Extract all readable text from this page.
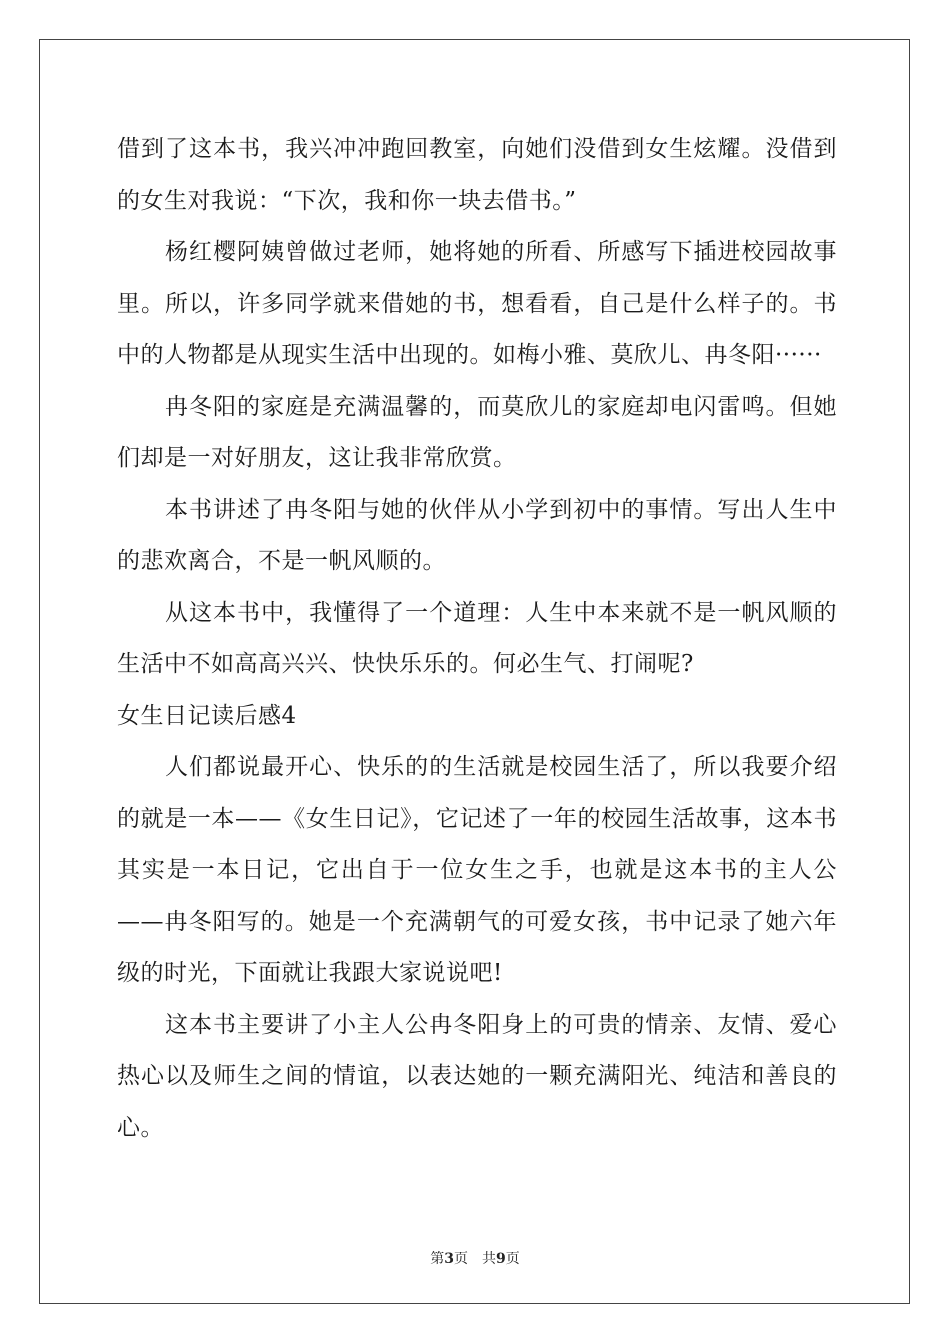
借到了这本书，我兴冲冲跑回教室，向她们没借到女生炫耀。没借到的女生对我说：“下次，我和你一块去借书。”

杨红樱阿姨曾做过老师，她将她的所看、所感写下插进校园故事里。所以，许多同学就来借她的书，想看看，自己是什么样子的。书中的人物都是从现实生活中出现的。如梅小雅、莫欣儿、冉冬阳······

冉冬阳的家庭是充满温馨的，而莫欣儿的家庭却电闪雷鸣。但她们却是一对好朋友，这让我非常欣赏。

本书讲述了冉冬阳与她的伙伴从小学到初中的事情。写出人生中的悲欢离合，不是一帆风顺的。

从这本书中，我懂得了一个道理：人生中本来就不是一帆风顺的生活中不如高高兴兴、快快乐乐的。何必生气、打闹呢?

女生日记读后感4

人们都说最开心、快乐的的生活就是校园生活了，所以我要介绍的就是一本——《女生日记》，它记述了一年的校园生活故事，这本书其实是一本日记，它出自于一位女生之手，也就是这本书的主人公——冉冬阳写的。她是一个充满朝气的可爱女孩，书中记录了她六年级的时光，下面就让我跟大家说说吧!

这本书主要讲了小主人公冉冬阳身上的可贵的情亲、友情、爱心热心以及师生之间的情谊，以表达她的一颗充满阳光、纯洁和善良的心。

第3页　共9页
